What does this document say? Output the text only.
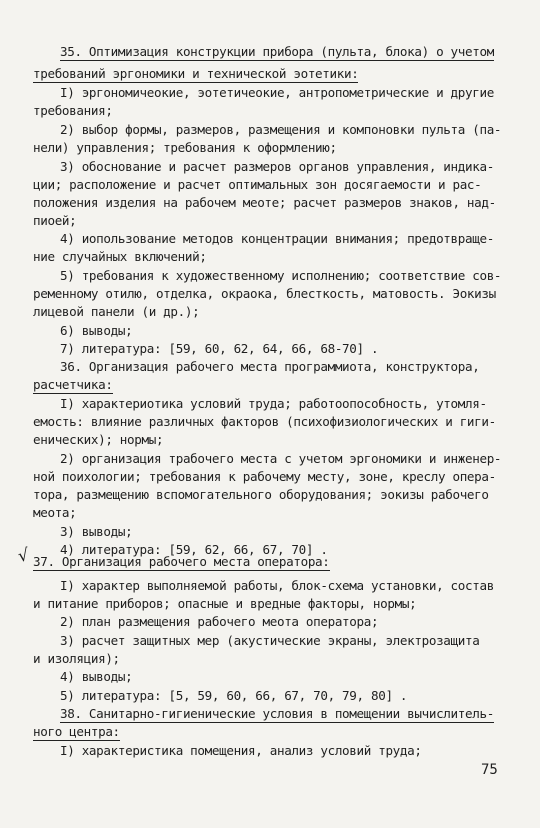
35. Оптимизация конструкции прибора (пульта, блока) о учетом
требований эргономики и технической эотетики:
I) эргономичеокие, эотетичеокие, антропометрические и другие
требования;
2) выбор формы, размеров, размещения и компоновки пульта (па-
нели) управления; требования к оформлению;
3) обоснование и расчет размеров органов управления, индика-
ции; расположение и расчет оптимальных зон досягаемости и рас-
положения изделия на рабочем меоте; расчет размеров знаков, над-
пиоей;
4) иопользование методов концентрации внимания; предотвраще-
ние случайных включений;
5) требования к художественному исполнению; соответствие сов-
ременному отилю, отделка, окраока, блеcткость, матовость. Эокизы
лицевой панели (и др.);
6) выводы;
7) литература: [59, 60, 62, 64, 66, 68-70] .
36. Организация рабочего места программиота, конструктора,
расчетчика:
I) характериотика условий труда; работоопособность, утомля-
емость: влияние различных факторов (психофизиологических и гиги-
енических); нормы;
2) организация трабочего места с учетом эргономики и инженер-
ной поихологии; требования к рабочему месту, зоне, креслу опера-
тора, размещению вспомогательного оборудования; эокизы рабочего
меота;
3) выводы;
4) литература: [59, 62, 66, 67, 70] .
√ 37. Организация рабочего места оператора:
I) характер выполняемой работы, блок-схема установки, состав
и питание приборов; опасные и вредные факторы, нормы;
2) план размещения рабочего меота оператора;
3) расчет защитных мер (акустические экраны, электрозащита
и изоляция);
4) выводы;
5) литература: [5, 59, 60, 66, 67, 70, 79, 80] .
38. Санитарно-гигиенические условия в помещении вычислитель-
ного центра:
I) характеристика помещения, анализ условий труда;
75
